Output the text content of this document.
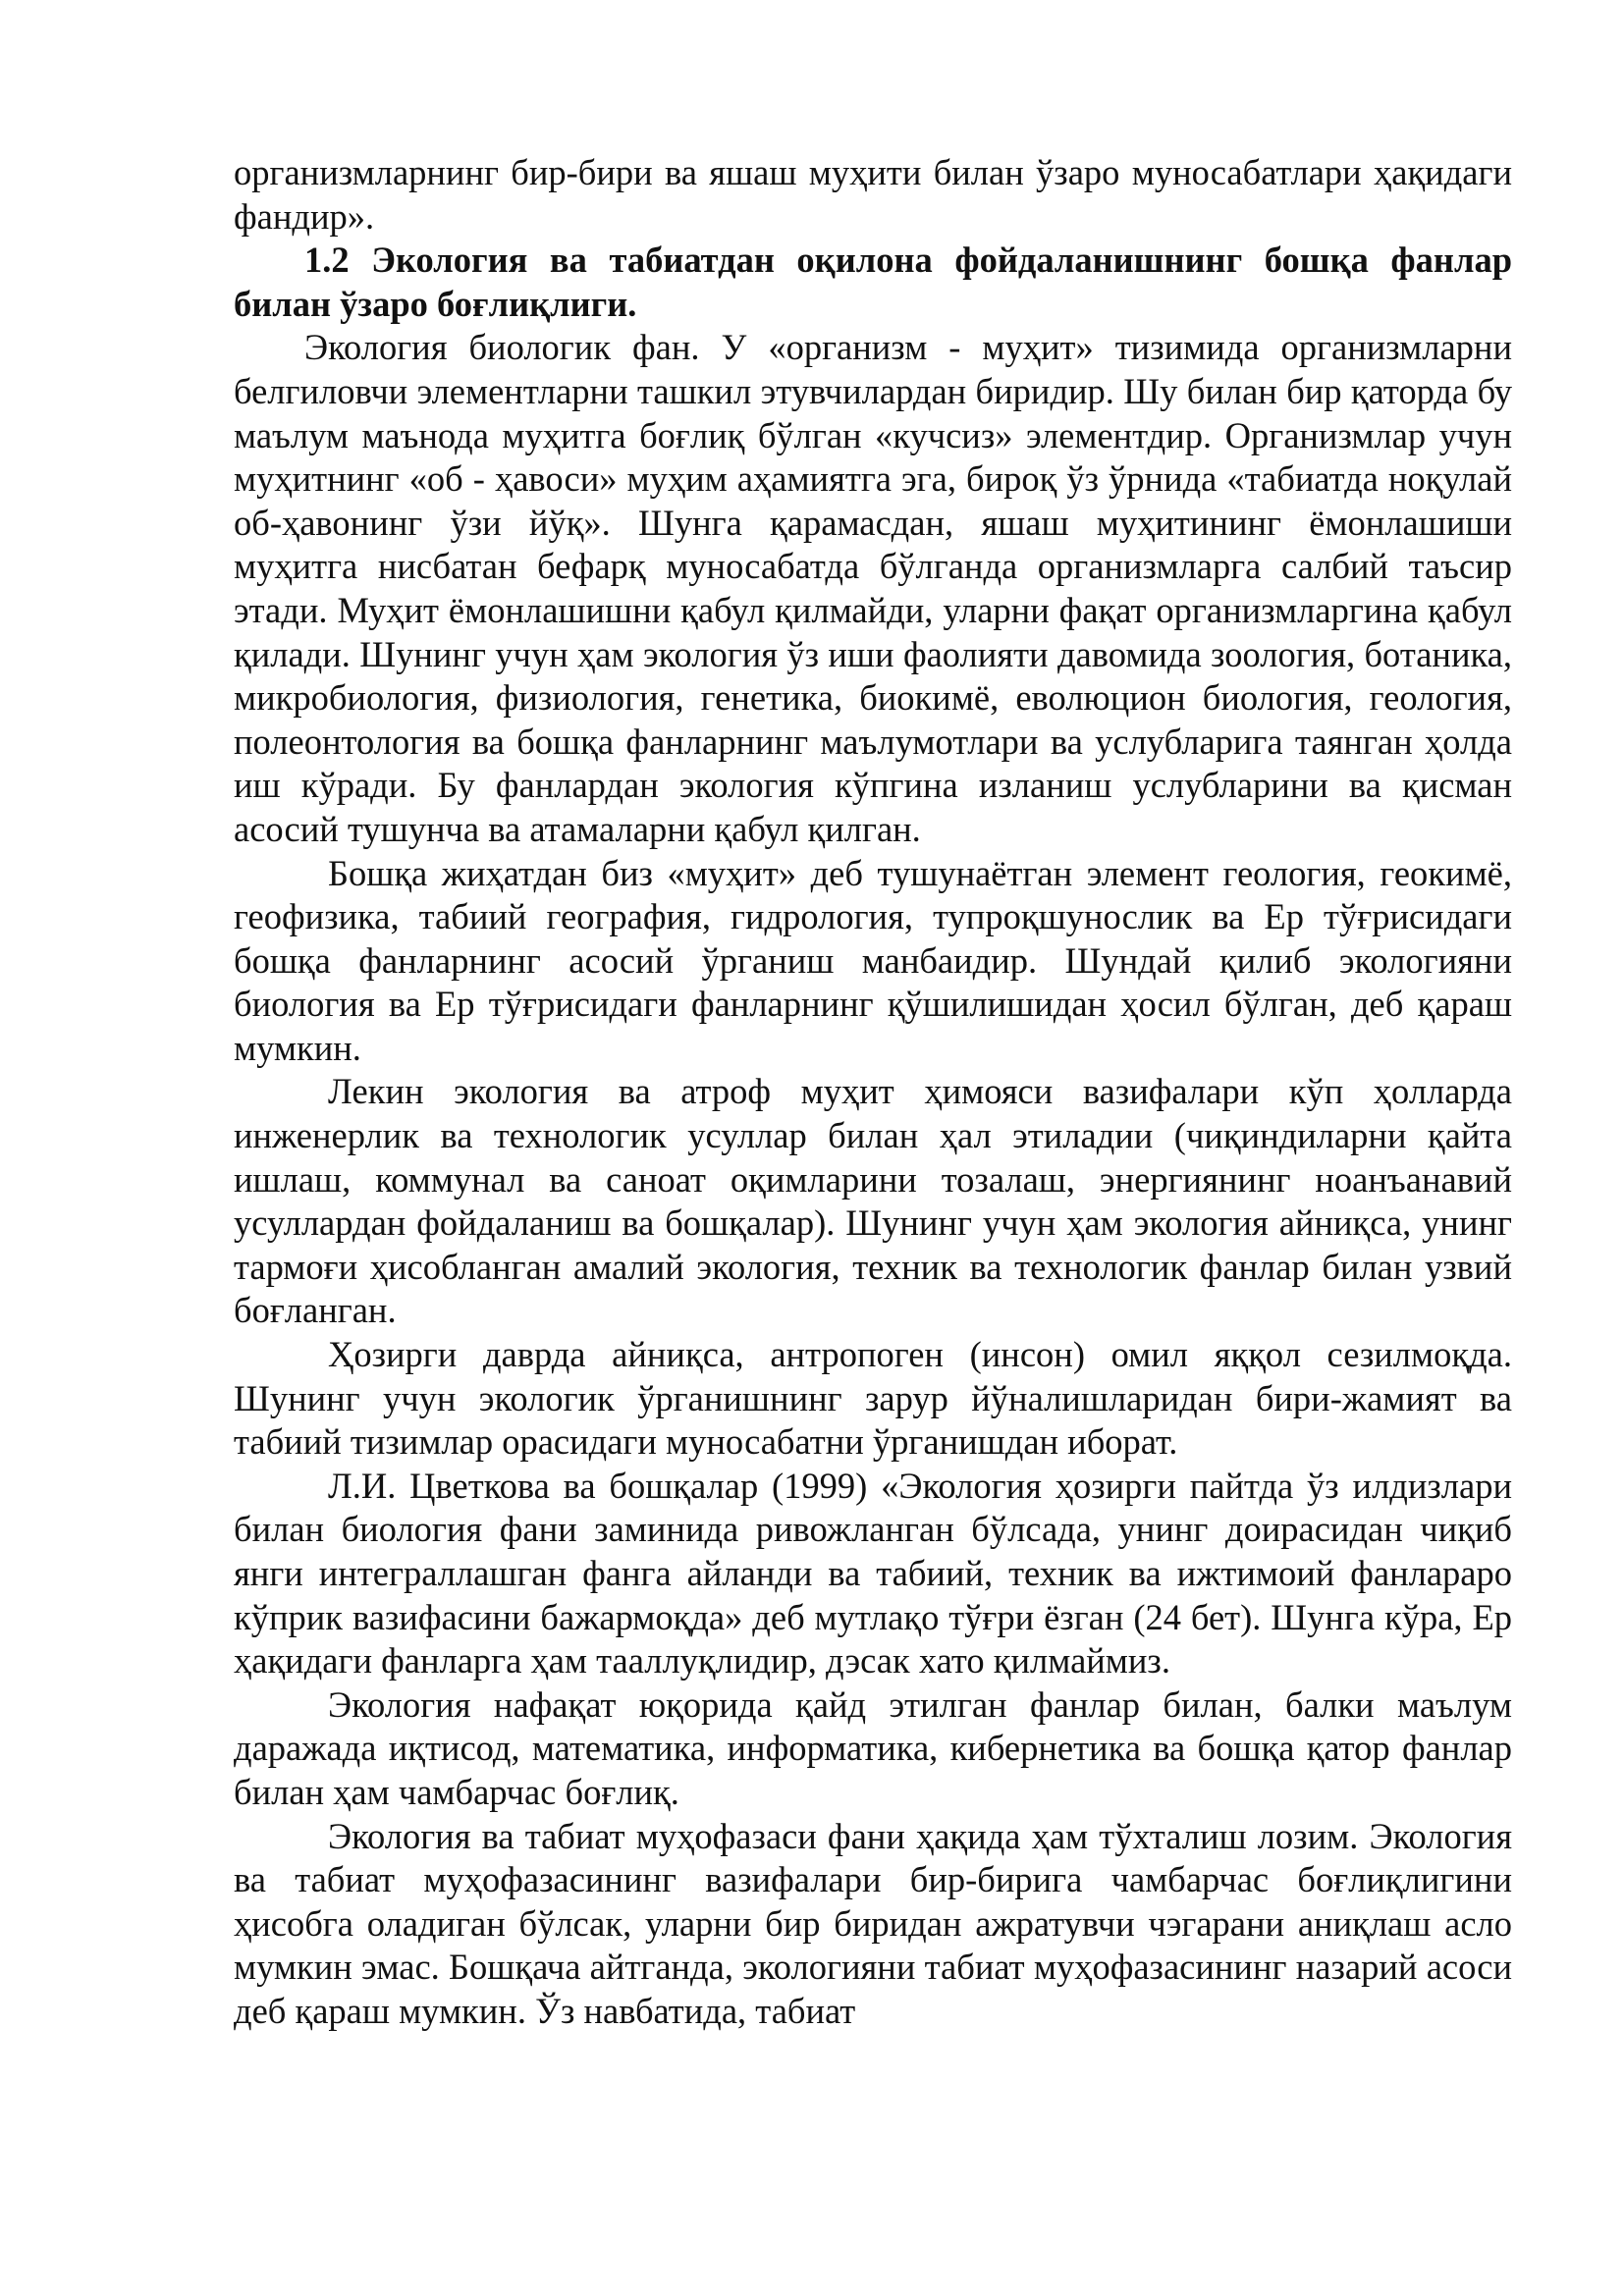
организмларнинг бир-бири ва яшаш муҳити билан ўзаро муносабатлари ҳақидаги фандир».

1.2 Экология ва табиатдан оқилона фойдаланишнинг бошқа фанлар билан ўзаро боғлиқлиги.

Экология биологик фан. У «организм - муҳит» тизимида организмларни белгиловчи элементларни ташкил этувчилардан биридир. Шу билан бир қаторда бу маълум маънода муҳитга боғлиқ бўлган «кучсиз» элементдир. Организмлар учун муҳитнинг «об - ҳавоси» муҳим аҳамиятга эга, бироқ ўз ўрнида «табиатда ноқулай об-ҳавонинг ўзи йўқ». Шунга қарамасдан, яшаш муҳитининг ёмонлашиши муҳитга нисбатан бефарқ муносабатда бўлганда организмларга салбий таъсир этади. Муҳит ёмонлашишни қабул қилмайди, уларни фақат организмларгина қабул қилади. Шунинг учун ҳам экология ўз иши фаолияти давомида зоология, ботаника, микробиология, физиология, генетика, биокимё, еволюцион биология, геология, полеонтология ва бошқа фанларнинг маълумотлари ва услубларига таянган ҳолда иш кўради. Бу фанлардан экология кўпгина изланиш услубларини ва қисман асосий тушунча ва атамаларни қабул қилган.

Бошқа жиҳатдан биз «муҳит» деб тушунаётган элемент геология, геокимё, геофизика, табиий география, гидрология, тупроқшунослик ва Ер тўғрисидаги бошқа фанларнинг асосий ўрганиш манбаидир. Шундай қилиб экологияни биология ва Ер тўғрисидаги фанларнинг қўшилишидан ҳосил бўлган, деб қараш мумкин.

Лекин экология ва атроф муҳит ҳимояси вазифалари кўп ҳолларда инженерлик ва технологик усуллар билан ҳал этиладии (чиқиндиларни қайта ишлаш, коммунал ва саноат оқимларини тозалаш, энергиянинг ноанъанавий усуллардан фойдаланиш ва бошқалар). Шунинг учун ҳам экология айниқса, унинг тармоғи ҳисобланган амалий экология, техник ва технологик фанлар билан узвий боғланган.

Ҳозирги даврда айниқса, антропоген (инсон) омил яққол сезилмоқда. Шунинг учун экологик ўрганишнинг зарур йўналишларидан бири-жамият ва табиий тизимлар орасидаги муносабатни ўрганишдан иборат.

Л.И. Цветкова ва бошқалар (1999) «Экология ҳозирги пайтда ўз илдизлари билан биология фани заминида ривожланган бўлсада, унинг доирасидан чиқиб янги интеграллашган фанга айланди ва табиий, техник ва ижтимоий фанлараро кўприк вазифасини бажармоқда» деб мутлақо тўғри ёзган (24 бет). Шунга кўра, Ер ҳақидаги фанларга ҳам тааллуқлидир, дэсак хато қилмаймиз.

Экология нафақат юқорида қайд этилган фанлар билан, балки маълум даражада иқтисод, математика, информатика, кибернетика ва бошқа қатор фанлар билан ҳам чамбарчас боғлиқ.

Экология ва табиат муҳофазаси фани ҳақида ҳам тўхталиш лозим. Экология ва табиат муҳофазасининг вазифалари бир-бирига чамбарчас боғлиқлигини ҳисобга оладиган бўлсак, уларни бир биридан ажратувчи чэгарани аниқлаш асло мумкин эмас. Бошқача айтганда, экологияни табиат муҳофазасининг назарий асоси деб қараш мумкин. Ўз навбатида, табиат
